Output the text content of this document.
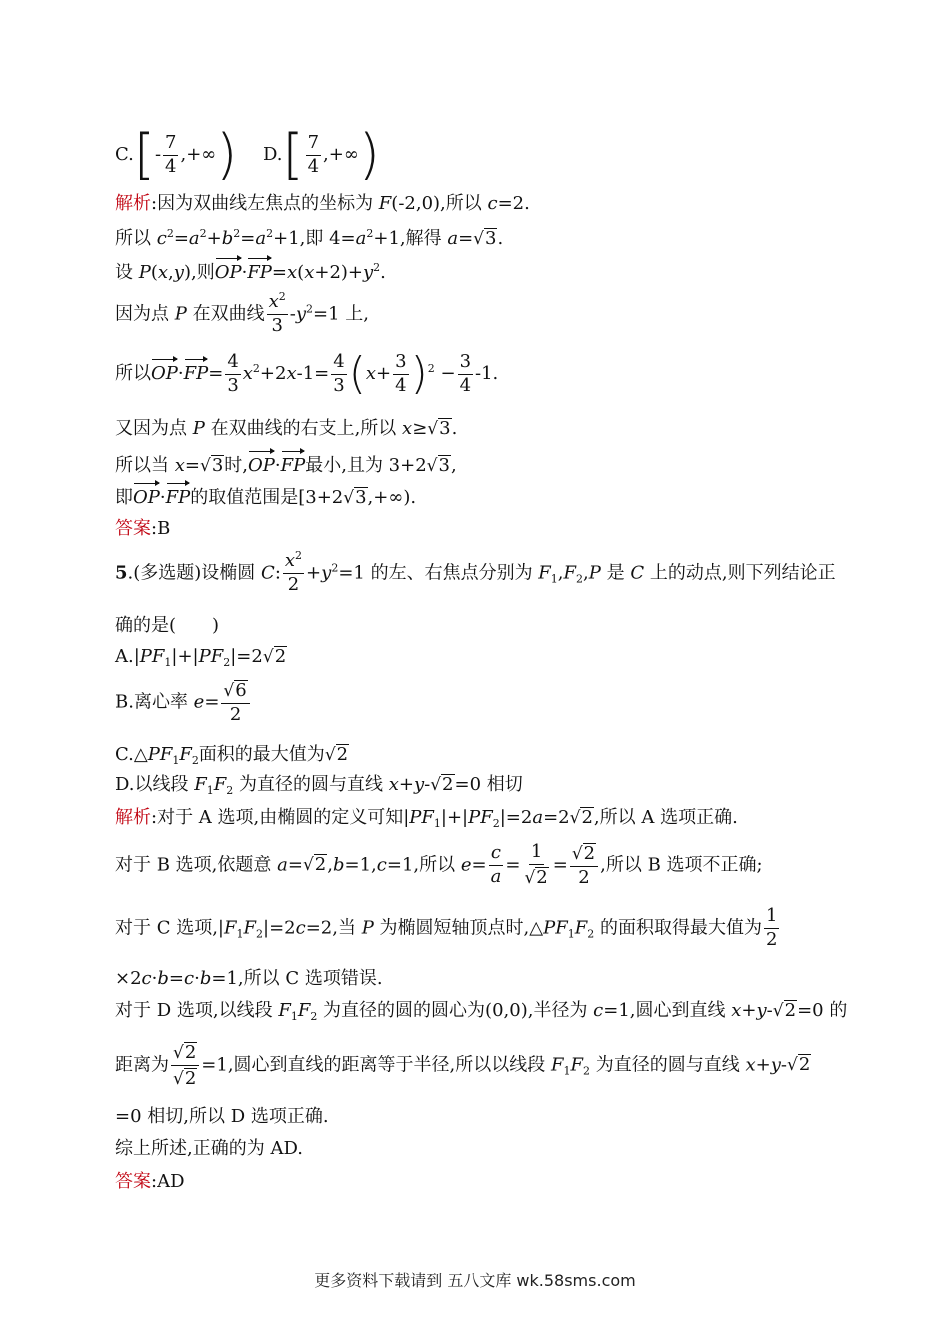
$C.[- \frac{7}{4}$ ,+∞) $D.[ \frac{7}{4}$ ,+∞)
解析:因为双曲线左焦点的坐标为 F(-2,0),所以 c=2.
所以 $c^2=a^2+b^2=a^2+1$,即 $4=a^2+1$,解得 a=√3.
设 P(x,y),则$OP\cdot FP=x(x+2)+y^2$.
因为点 P 在双曲线 $\frac{x^2}{3} -y^2=1$ 上,
所以$OP\cdot FP= \frac{4}{3} x^2+2x-1= \frac{4}{3} (x+ \frac{3}{4} )^2 - \frac{3}{4} -1$.
又因为点 P 在双曲线的右支上,所以 x≥√3.
所以当 x=√3时,OP·FP最小,且为 3+2√3,
即OP·FP的取值范围是[3+2√3,+∞).
答案:B
5.(多选题)设椭圆 C: $\frac{x^2}{2} +y^2=1$ 的左、右焦点分别为 $F_1,F_2,P$ 是 C 上的动点,则下列结论正
确的是(　　)
$A.|PF_1|+|PF_2|=2√2$
B.离心率 $e= \frac{√6}{2}$
$C.\triangle PF_1F_2$面积的最大值为√2
D.以线段 $F_1F_2$ 为直径的圆与直线 x+y-√2=0 相切
解析:对于 A 选项,由椭圆的定义可知$|PF_1|+|PF_2|=2a=2√2$,所以 A 选项正确.
对于 B 选项,依题意 a=√2,b=1,c=1,所以 $e= \frac{c}{a} = \frac{1}{√2} = \frac{√2}{2}$ ,所以 B 选项不正确;
对于 C 选项$,|F_1F_2|=2c=2$,当 P 为椭圆短轴顶点时$,\triangle PF_1F_2$ 的面积取得最大值为 $\frac{1}{2}$
×2c·b=c·b=1,所以 C 选项错误.
对于 D 选项,以线段 $F_1F_2$ 为直径的圆的圆心为(0,0),半径为 c=1,圆心到直线 x+y-√2=0 的
距离为 $\frac{√2}{√2} =1$,圆心到直线的距离等于半径,所以以线段 $F_1F_2$ 为直径的圆与直线 x+y-√2
=0 相切,所以 D 选项正确.
综上所述,正确的为 AD.
答案:AD
更多资料下载请到 五八文库 wk.58sms.com
